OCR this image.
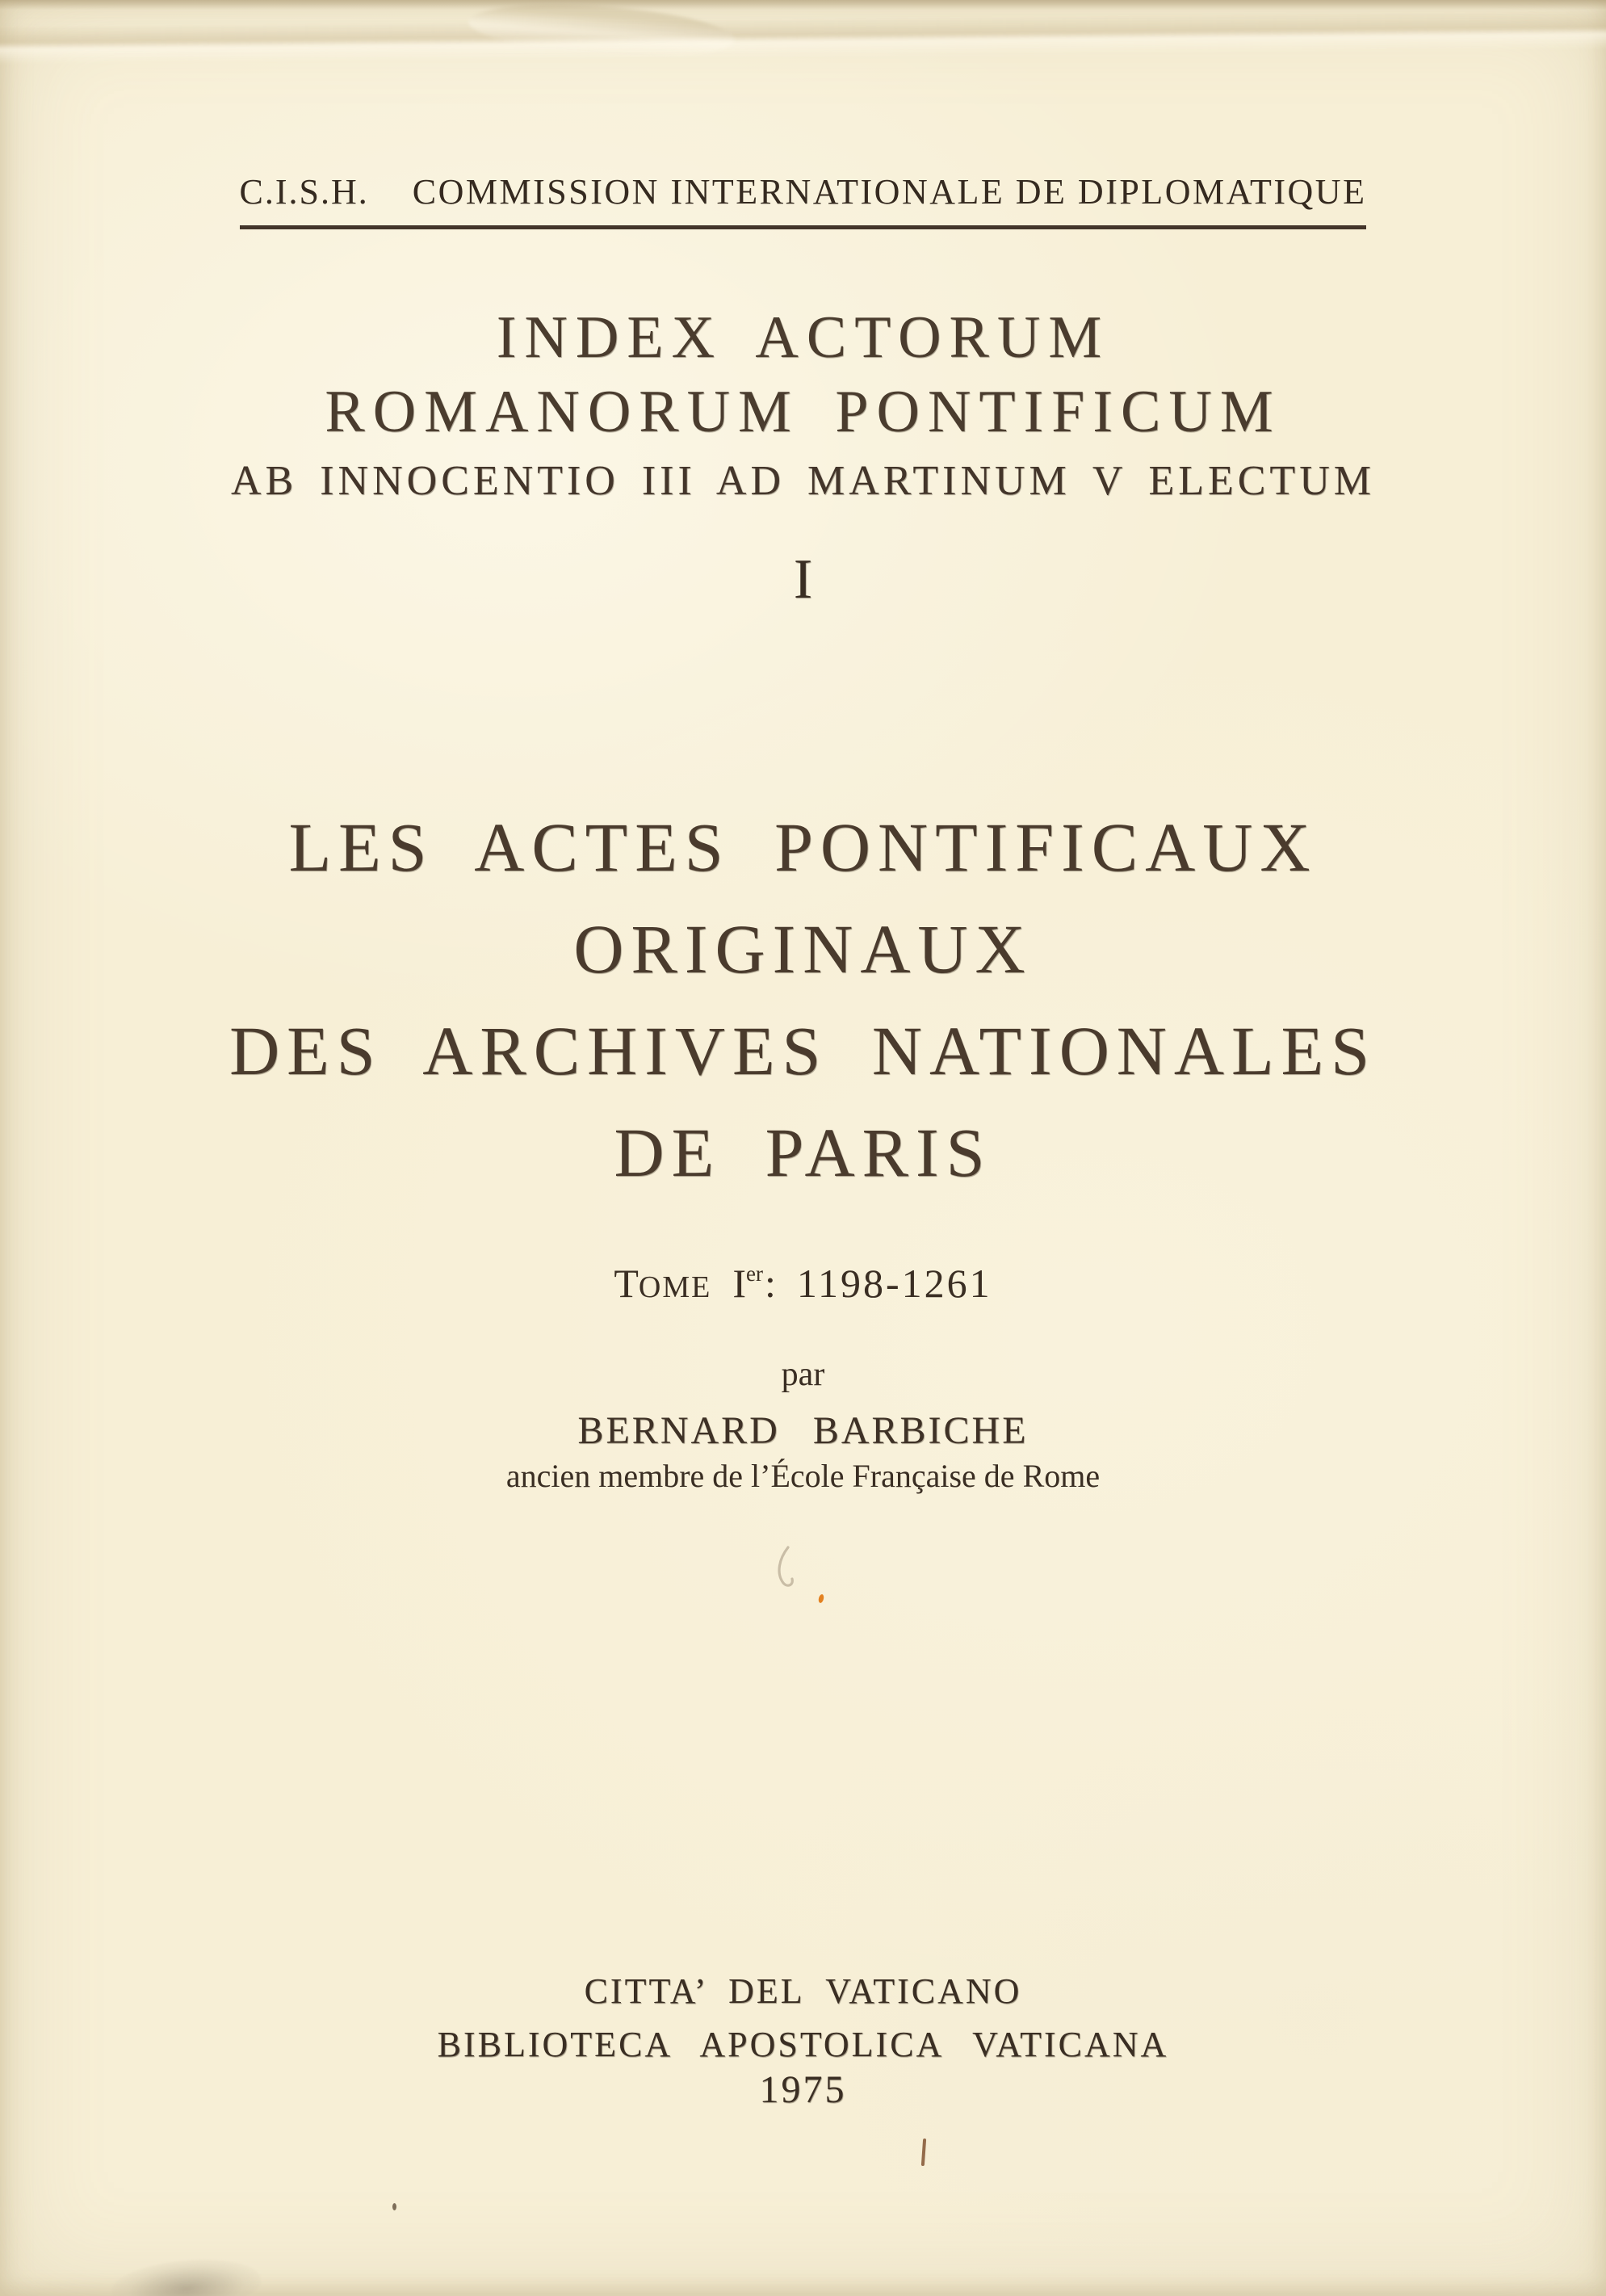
C.I.S.H. COMMISSION INTERNATIONALE DE DIPLOMATIQUE
INDEX ACTORUM
ROMANORUM PONTIFICUM
AB INNOCENTIO III AD MARTINUM V ELECTUM
I
LES ACTES PONTIFICAUX
ORIGINAUX
DES ARCHIVES NATIONALES
DE PARIS
TOME Ier: 1198-1261
par
BERNARD BARBICHE
ancien membre de l’École Française de Rome
CITTA’ DEL VATICANO
BIBLIOTECA APOSTOLICA VATICANA
1975
